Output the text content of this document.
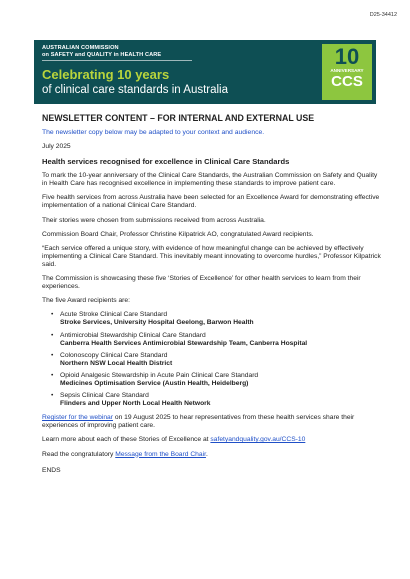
D25-34412
AUSTRALIAN COMMISSION
on SAFETY and QUALITY in HEALTH CARE
Celebrating 10 years
of clinical care standards in Australia
10
ANNIVERSARY
CCS

NEWSLETTER CONTENT – FOR INTERNAL AND EXTERNAL USE

The newsletter copy below may be adapted to your context and audience.

July 2025

Health services recognised for excellence in Clinical Care Standards

To mark the 10-year anniversary of the Clinical Care Standards, the Australian Commission on Safety and Quality in Health Care has recognised excellence in implementing these standards to improve patient care.

Five health services from across Australia have been selected for an Excellence Award for demonstrating effective implementation of a national Clinical Care Standard.

Their stories were chosen from submissions received from across Australia.

Commission Board Chair, Professor Christine Kilpatrick AO, congratulated Award recipients.

“Each service offered a unique story, with evidence of how meaningful change can be achieved by effectively implementing a Clinical Care Standard. This inevitably meant innovating to overcome hurdles,” Professor Kilpatrick said.

The Commission is showcasing these five ‘Stories of Excellence’ for other health services to learn from their experiences.

The five Award recipients are:

• Acute Stroke Clinical Care Standard
Stroke Services, University Hospital Geelong, Barwon Health
• Antimicrobial Stewardship Clinical Care Standard
Canberra Health Services Antimicrobial Stewardship Team, Canberra Hospital
• Colonoscopy Clinical Care Standard
Northern NSW Local Health District
• Opioid Analgesic Stewardship in Acute Pain Clinical Care Standard
Medicines Optimisation Service (Austin Health, Heidelberg)
• Sepsis Clinical Care Standard
Flinders and Upper North Local Health Network

Register for the webinar on 19 August 2025 to hear representatives from these health services share their experiences of improving patient care.

Learn more about each of these Stories of Excellence at safetyandquality.gov.au/CCS-10

Read the congratulatory Message from the Board Chair.

ENDS
